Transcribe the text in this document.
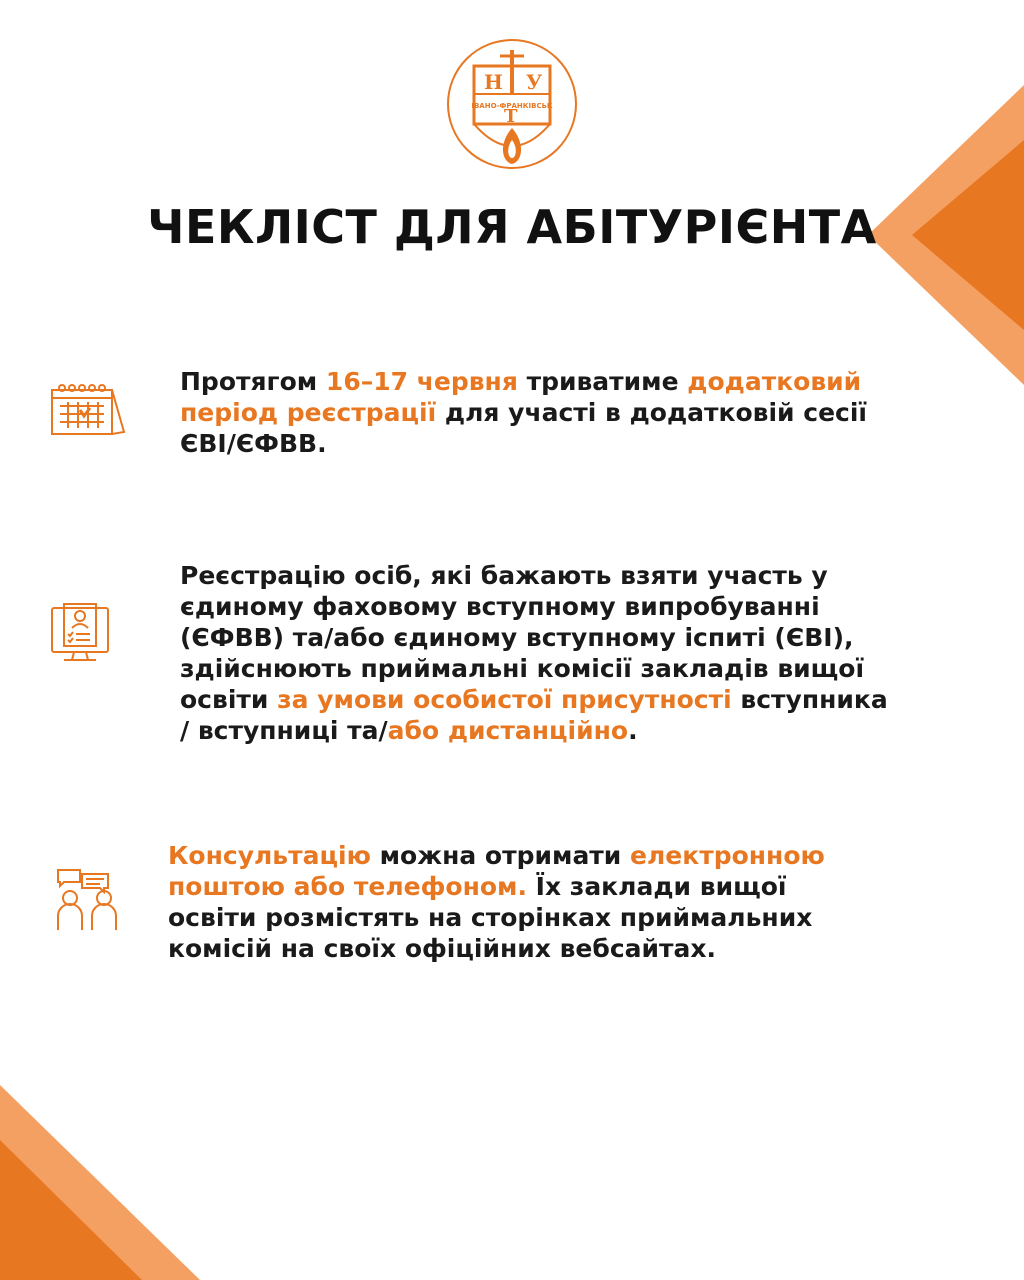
Н У
Т
ІВАНО-ФРАНКІВСЬК
ЧЕКЛІСТ ДЛЯ АБІТУРІЄНТА
Протягом 16–17 червня триватиме додатковий період реєстрації для участі в додатковій сесії ЄВІ/ЄФВВ.
Реєстрацію осіб, які бажають взяти участь у єдиному фаховому вступному випробуванні (ЄФВВ) та/або єдиному вступному іспиті (ЄВІ), здійснюють приймальні комісії закладів вищої освіти за умови особистої присутності вступника / вступниці та/або дистанційно.
Консультацію можна отримати електронною поштою або телефоном. Їх заклади вищої освіти розмістять на сторінках приймальних комісій на своїх офіційних вебсайтах.
